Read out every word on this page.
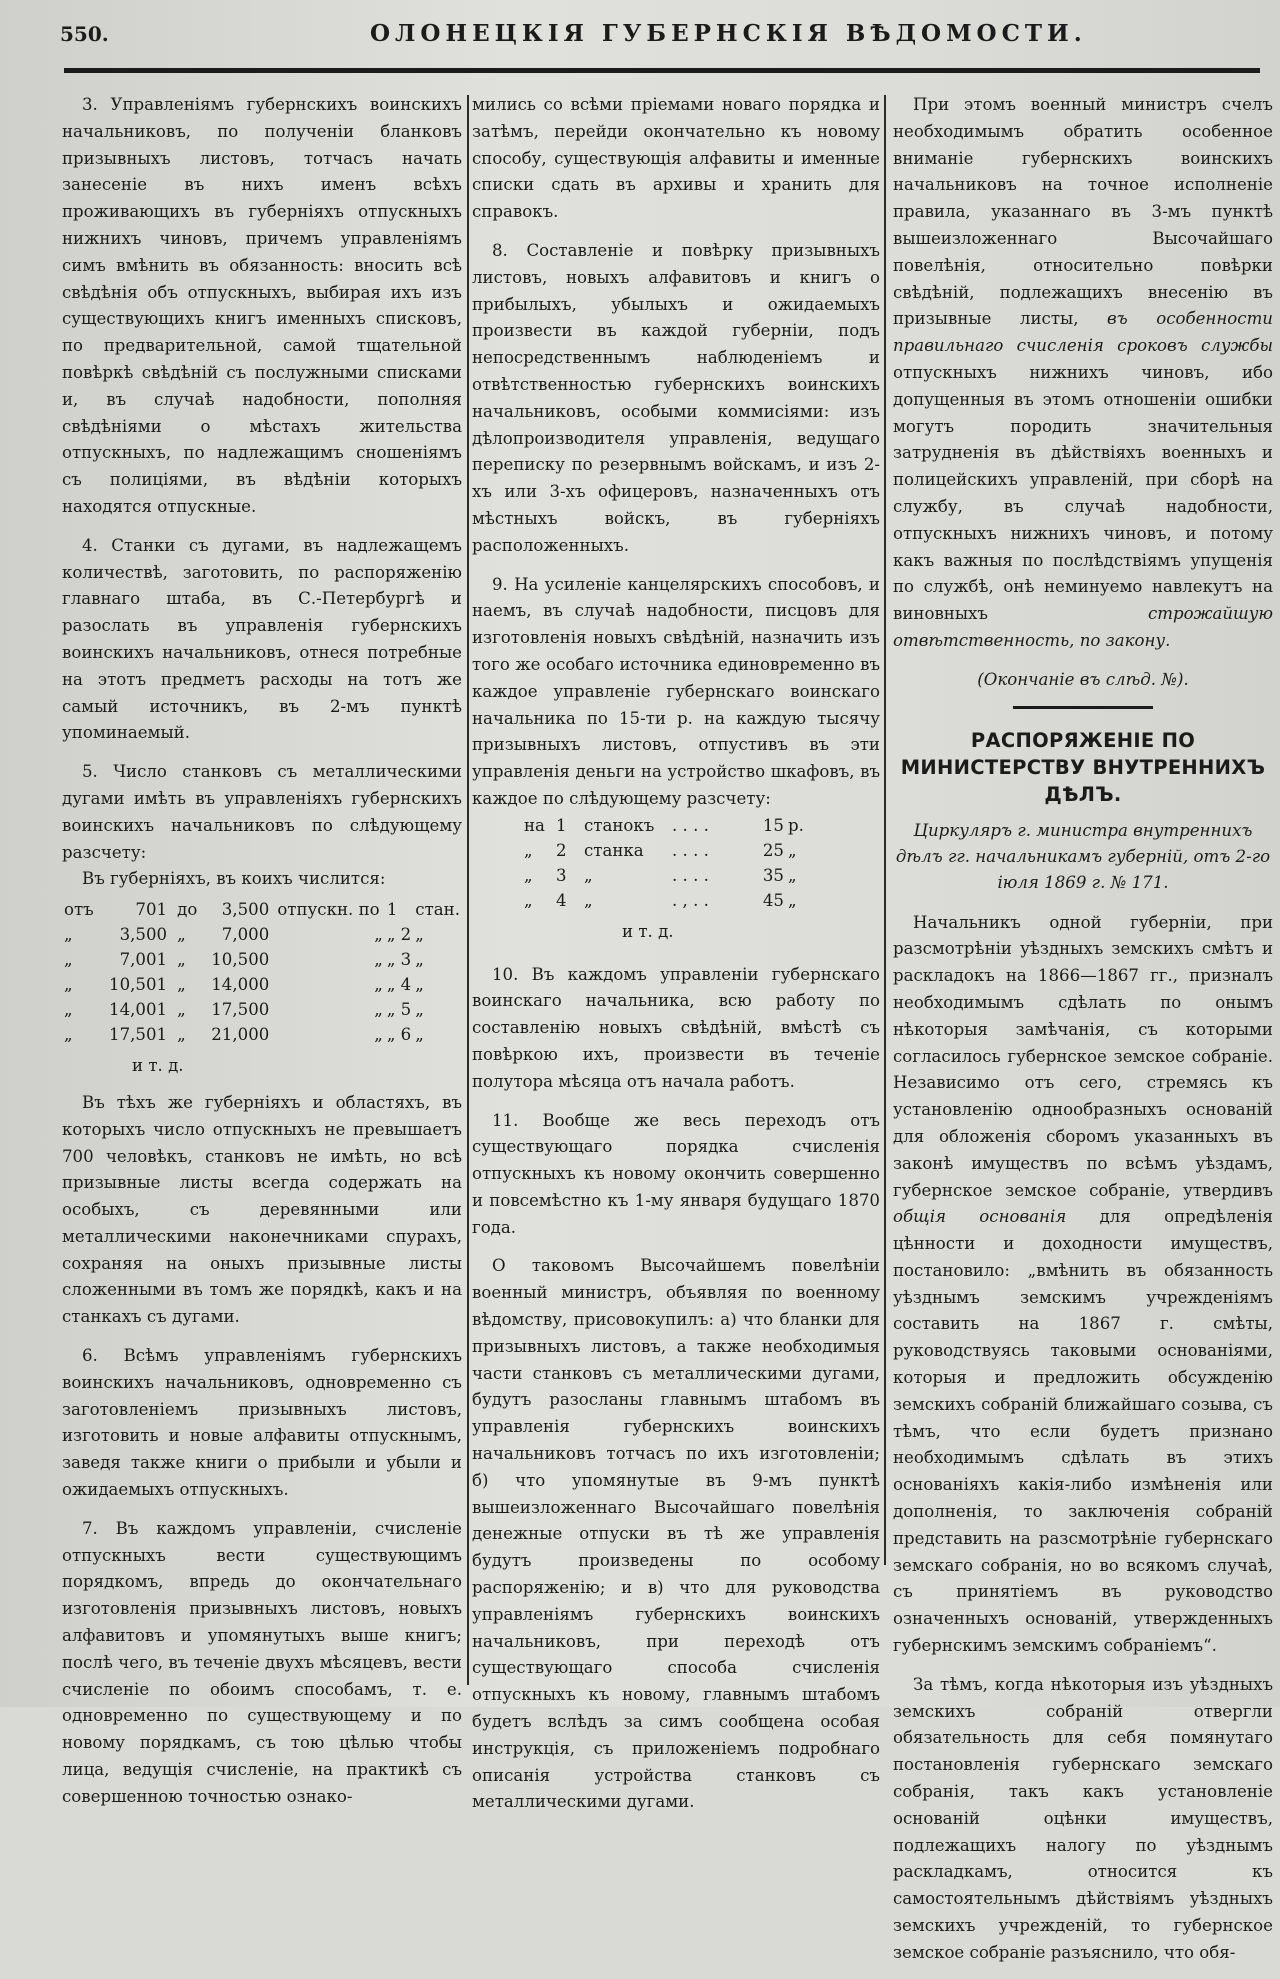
550.	ОЛОНЕЦКІЯ ГУБЕРНСКІЯ ВѢДОМОСТИ.

3. Управленіямъ губернскихъ воинскихъ начальниковъ, по полученіи бланковъ призывныхъ листовъ, тотчасъ начать занесеніе въ нихъ именъ всѣхъ проживающихъ въ губерніяхъ отпускныхъ нижнихъ чиновъ, причемъ управленіямъ симъ вмѣнить въ обязанность: вносить всѣ свѣдѣнія объ отпускныхъ, выбирая ихъ изъ существующихъ книгъ именныхъ списковъ, по предварительной, самой тщательной повѣркѣ свѣдѣній съ послужными списками и, въ случаѣ надобности, пополняя свѣдѣніями о мѣстахъ жительства отпускныхъ, по надлежащимъ сношеніямъ съ полиціями, въ вѣдѣніи которыхъ находятся отпускные.

4. Станки съ дугами, въ надлежащемъ количествѣ, заготовить, по распоряженію главнаго штаба, въ С.-Петербургѣ и разослать въ управленія губернскихъ воинскихъ начальниковъ, отнеся потребные на этотъ предметъ расходы на тотъ же самый источникъ, въ 2-мъ пунктѣ упоминаемый.

5. Число станковъ съ металлическими дугами имѣть въ управленіяхъ губернскихъ воинскихъ начальниковъ по слѣдующему разсчету:

Въ губерніяхъ, въ коихъ числится:

отъ	701	до	3,500	отпускн. по	1	стан.
„	3,500	„	7,000	„	„ 2	„
„	7,001	„	10,500	„	„ 3	„
„	10,501	„	14,000	„	„ 4	„
„	14,001	„	17,500	„	„ 5	„
„	17,501	„	21,000	„	„ 6	„

и т. д.

Въ тѣхъ же губерніяхъ и областяхъ, въ которыхъ число отпускныхъ не превышаетъ 700 человѣкъ, станковъ не имѣть, но всѣ призывные листы всегда содержать на особыхъ, съ деревянными или металлическими наконечниками спурахъ, сохраняя на оныхъ призывные листы сложенными въ томъ же порядкѣ, какъ и на станкахъ съ дугами.

6. Всѣмъ управленіямъ губернскихъ воинскихъ начальниковъ, одновременно съ заготовленіемъ призывныхъ листовъ, изготовить и новые алфавиты отпускнымъ, заведя также книги о прибыли и убыли и ожидаемыхъ отпускныхъ.

7. Въ каждомъ управленіи, счисленіе отпускныхъ вести существующимъ порядкомъ, впредь до окончательнаго изготовленія призывныхъ листовъ, новыхъ алфавитовъ и упомянутыхъ выше книгъ; послѣ чего, въ теченіе двухъ мѣсяцевъ, вести счисленіе по обоимъ способамъ, т. е. одновременно по существующему и по новому порядкамъ, съ тою цѣлью чтобы лица, ведущія счисленіе, на практикѣ съ совершенною точностью ознако-

мились со всѣми пріемами новаго порядка и затѣмъ, перейди окончательно къ новому способу, существующія алфавиты и именные списки сдать въ архивы и хранить для справокъ.

8. Составленіе и повѣрку призывныхъ листовъ, новыхъ алфавитовъ и книгъ о прибылыхъ, убылыхъ и ожидаемыхъ произвести въ каждой губерніи, подъ непосредственнымъ наблюденіемъ и отвѣтственностью губернскихъ воинскихъ начальниковъ, особыми коммисіями: изъ дѣлопроизводителя управленія, ведущаго переписку по резервнымъ войскамъ, и изъ 2-хъ или 3-хъ офицеровъ, назначенныхъ отъ мѣстныхъ войскъ, въ губерніяхъ расположенныхъ.

9. На усиленіе канцелярскихъ способовъ, и наемъ, въ случаѣ надобности, писцовъ для изготовленія новыхъ свѣдѣній, назначить изъ того же особаго источника единовременно въ каждое управленіе губернскаго воинскаго начальника по 15-ти р. на каждую тысячу призывныхъ листовъ, отпустивъ въ эти управленія деньги на устройство шкафовъ, въ каждое по слѣдующему разсчету:

на	1	станокъ	. . . .	15	р.
„	2	станка	. . . .	25	„
„	3	„	. . . .	35	„
„	4	„	. , . .	45	„

и т. д.

10. Въ каждомъ управленіи губернскаго воинскаго начальника, всю работу по составленію новыхъ свѣдѣній, вмѣстѣ съ повѣркою ихъ, произвести въ теченіе полутора мѣсяца отъ начала работъ.

11. Вообще же весь переходъ отъ существующаго порядка счисленія отпускныхъ къ новому окончить совершенно и повсемѣстно къ 1-му января будущаго 1870 года.

О таковомъ Высочайшемъ повелѣніи военный министръ, объявляя по военному вѣдомству, присовокупилъ: а) что бланки для призывныхъ листовъ, а также необходимыя части станковъ съ металлическими дугами, будутъ разосланы главнымъ штабомъ въ управленія губернскихъ воинскихъ начальниковъ тотчасъ по ихъ изготовленіи; б) что упомянутые въ 9-мъ пунктѣ вышеизложеннаго Высочайшаго повелѣнія денежные отпуски въ тѣ же управленія будутъ произведены по особому распоряженію; и в) что для руководства управленіямъ губернскихъ воинскихъ начальниковъ, при переходѣ отъ существующаго способа счисленія отпускныхъ къ новому, главнымъ штабомъ будетъ вслѣдъ за симъ сообщена особая инструкція, съ приложеніемъ подробнаго описанія устройства станковъ съ металлическими дугами.

При этомъ военный министръ счелъ необходимымъ обратить особенное вниманіе губернскихъ воинскихъ начальниковъ на точное исполненіе правила, указаннаго въ 3-мъ пунктѣ вышеизложеннаго Высочайшаго повелѣнія, относительно повѣрки свѣдѣній, подлежащихъ внесенію въ призывные листы, въ особенности правильнаго счисленія сроковъ службы отпускныхъ нижнихъ чиновъ, ибо допущенныя въ этомъ отношеніи ошибки могутъ породить значительныя затрудненія въ дѣйствіяхъ военныхъ и полицейскихъ управленій, при сборѣ на службу, въ случаѣ надобности, отпускныхъ нижнихъ чиновъ, и потому какъ важныя по послѣдствіямъ упущенія по службѣ, онѣ неминуемо навлекутъ на виновныхъ строжайшую отвѣтственность, по закону.

(Окончаніе въ слѣд. №).

РАСПОРЯЖЕНІЕ ПО МИНИСТЕРСТВУ ВНУТРЕННИХЪ ДѢЛЪ.
Циркуляръ г. министра внутреннихъ дѣлъ гг. начальникамъ губерній, отъ 2-го іюля 1869 г. № 171.

Начальникъ одной губерніи, при разсмотрѣніи уѣздныхъ земскихъ смѣтъ и раскладокъ на 1866—1867 гг., призналъ необходимымъ сдѣлать по онымъ нѣкоторыя замѣчанія, съ которыми согласилось губернское земское собраніе. Независимо отъ сего, стремясь къ установленію однообразныхъ основаній для обложенія сборомъ указанныхъ въ законѣ имуществъ по всѣмъ уѣздамъ, губернское земское собраніе, утвердивъ общія основанія для опредѣленія цѣнности и доходности имуществъ, постановило: „вмѣнить въ обязанность уѣзднымъ земскимъ учрежденіямъ составить на 1867 г. смѣты, руководствуясь таковыми основаніями, которыя и предложить обсужденію земскихъ собраній ближайшаго созыва, съ тѣмъ, что если будетъ признано необходимымъ сдѣлать въ этихъ основаніяхъ какія-либо измѣненія или дополненія, то заключенія собраній представить на разсмотрѣніе губернскаго земскаго собранія, но во всякомъ случаѣ, съ принятіемъ въ руководство означенныхъ основаній, утвержденныхъ губернскимъ земскимъ собраніемъ“.

За тѣмъ, когда нѣкоторыя изъ уѣздныхъ земскихъ собраній отвергли обязательность для себя помянутаго постановленія губернскаго земскаго собранія, такъ какъ установленіе основаній оцѣнки имуществъ, подлежащихъ налогу по уѣзднымъ раскладкамъ, относится къ самостоятельнымъ дѣйствіямъ уѣздныхъ земскихъ учрежденій, то губернское земское собраніе разъяснило, что обя-
